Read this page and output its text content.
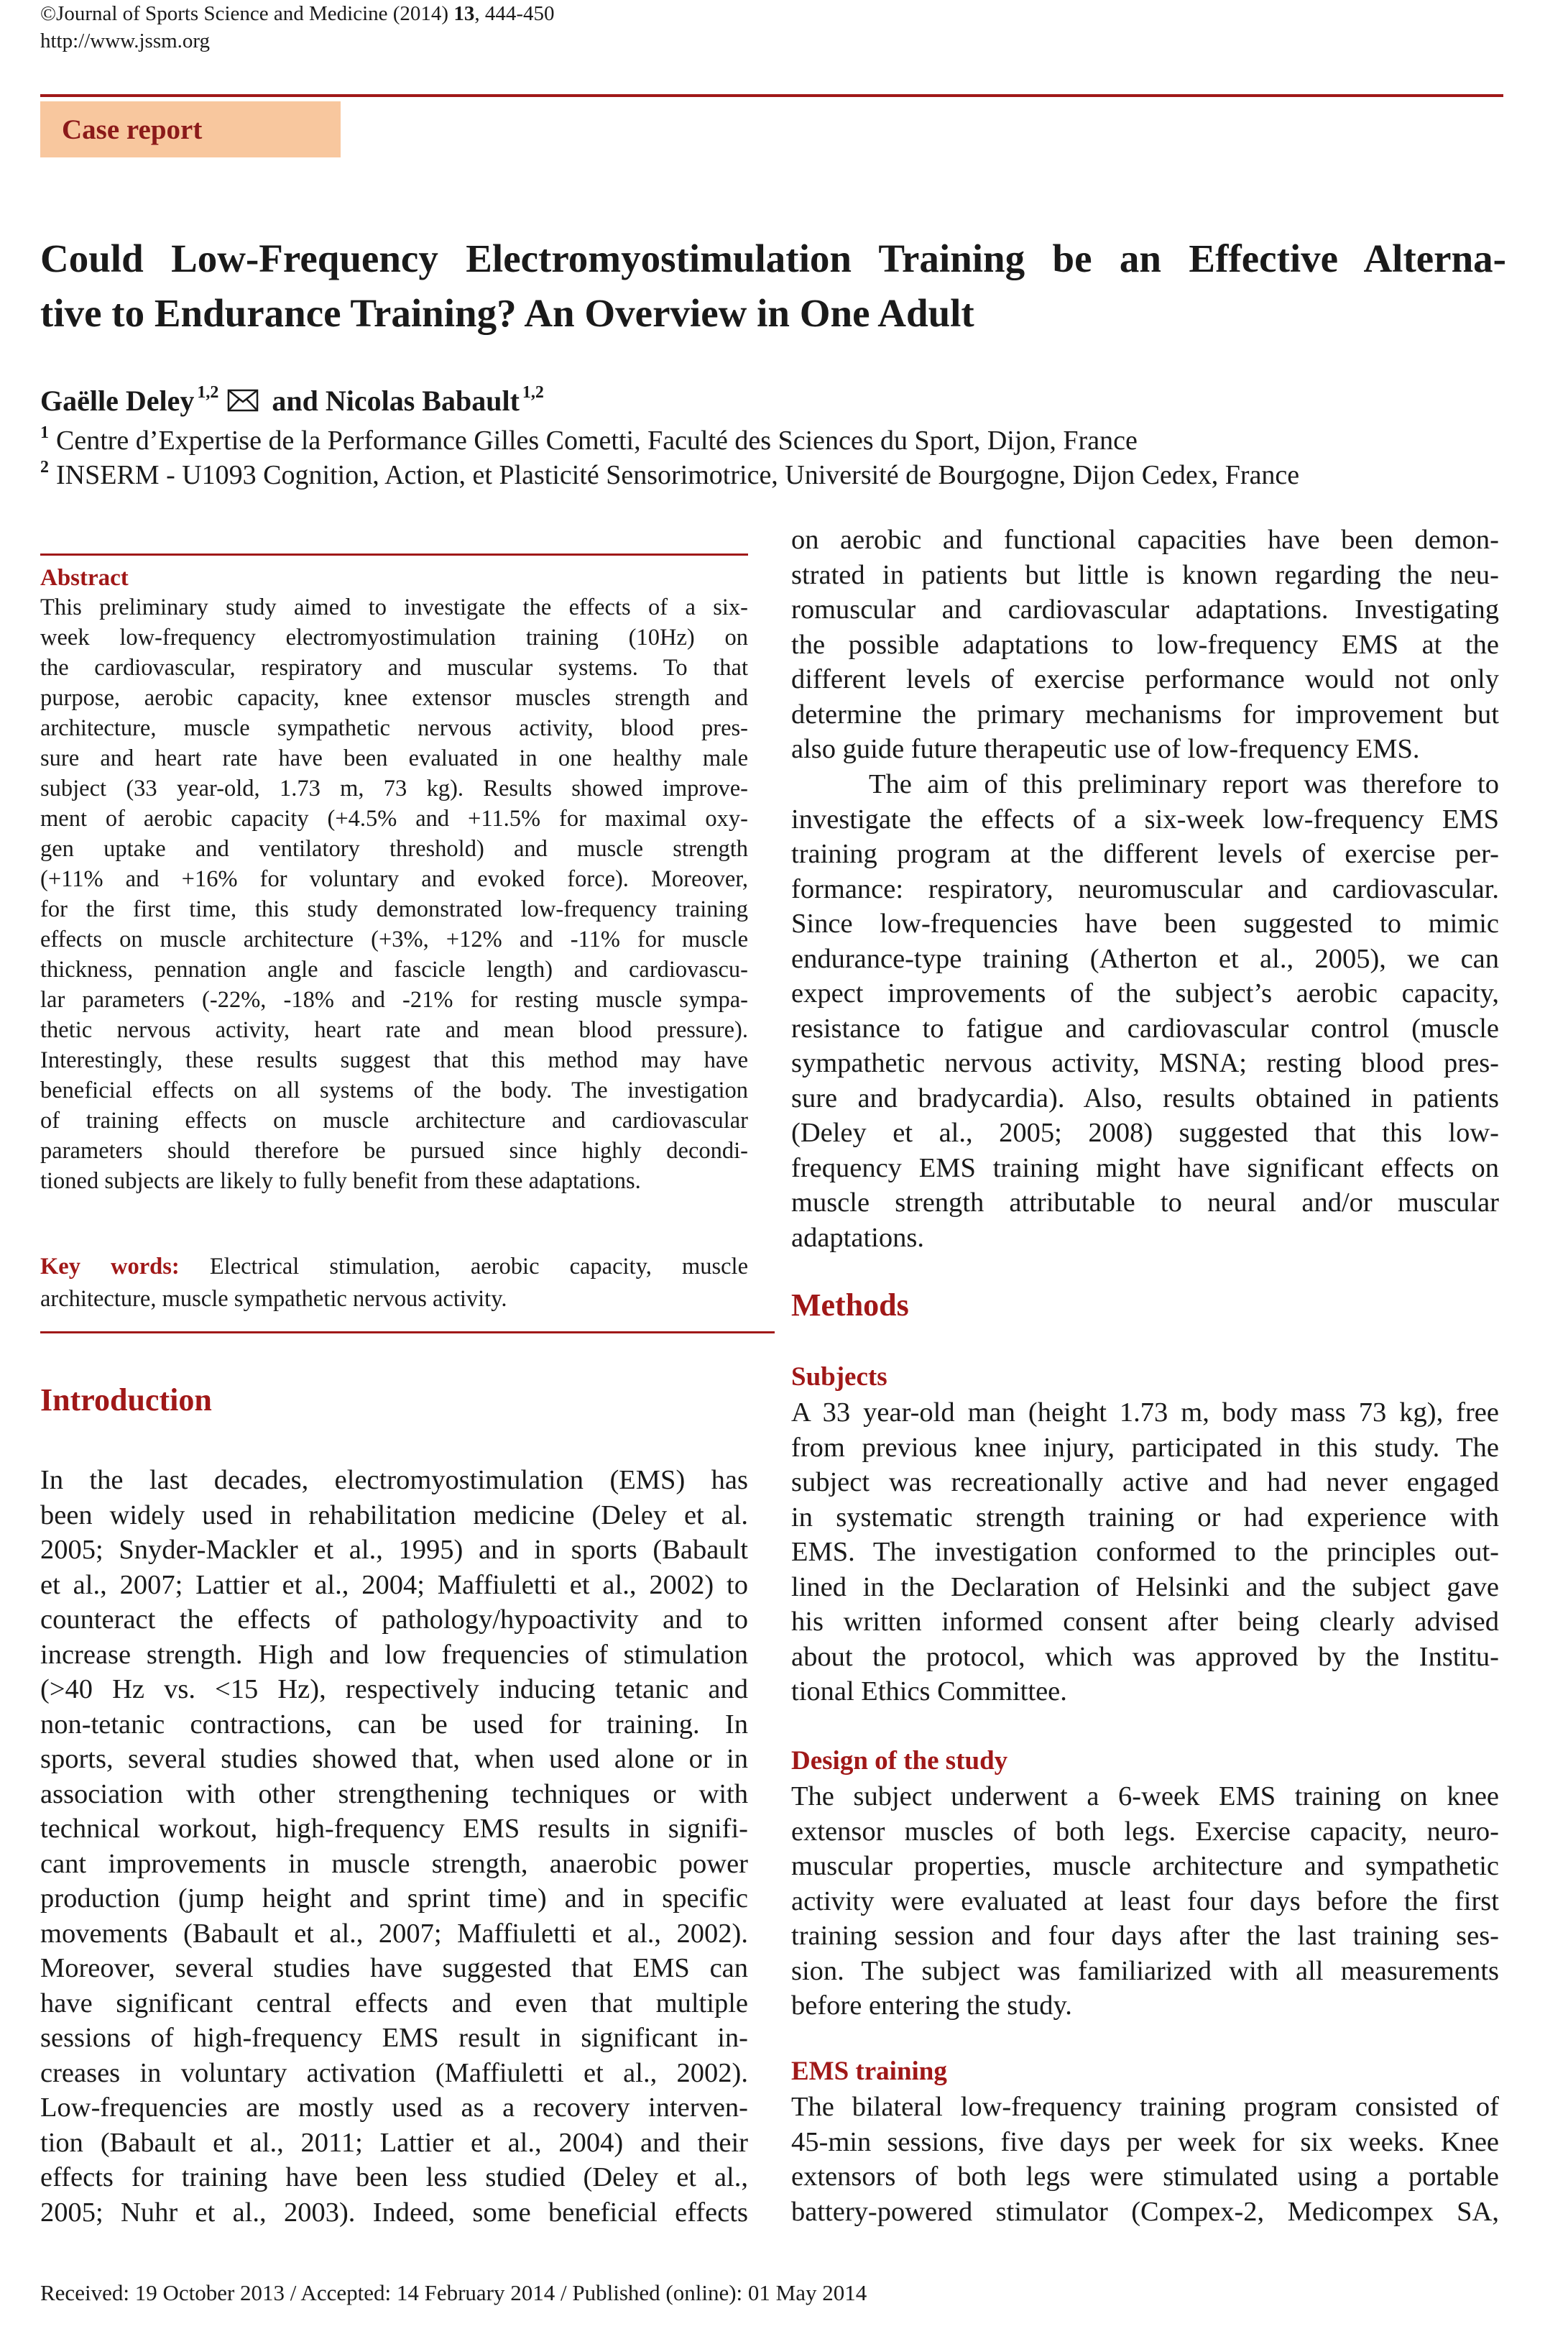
©Journal of Sports Science and Medicine (2014) 13, 444-450
http://www.jssm.org
Case report
Could Low-Frequency Electromyostimulation Training be an Effective Alterna-
tive to Endurance Training? An Overview in One Adult
Gaëlle Deley $^{1,2}$ and Nicolas Babault $^{1,2}$
$^1$ Centre d’Expertise de la Performance Gilles Cometti, Faculté des Sciences du Sport, Dijon, France
$^2$ INSERM - U1093 Cognition, Action, et Plasticité Sensorimotrice, Université de Bourgogne, Dijon Cedex, France
Abstract

This preliminary study aimed to investigate the effects of a six-

week low-frequency electromyostimulation training (10Hz) on

the cardiovascular, respiratory and muscular systems. To that

purpose, aerobic capacity, knee extensor muscles strength and

architecture, muscle sympathetic nervous activity, blood pres-

sure and heart rate have been evaluated in one healthy male

subject (33 year-old, 1.73 m, 73 kg). Results showed improve-

ment of aerobic capacity (+4.5% and +11.5% for maximal oxy-

gen uptake and ventilatory threshold) and muscle strength

(+11% and +16% for voluntary and evoked force). Moreover,

for the first time, this study demonstrated low-frequency training

effects on muscle architecture (+3%, +12% and -11% for muscle

thickness, pennation angle and fascicle length) and cardiovascu-

lar parameters (-22%, -18% and -21% for resting muscle sympa-

thetic nervous activity, heart rate and mean blood pressure).

Interestingly, these results suggest that this method may have

beneficial effects on all systems of the body. The investigation

of training effects on muscle architecture and cardiovascular

parameters should therefore be pursued since highly decondi-

tioned subjects are likely to fully benefit from these adaptations.

Key words: Electrical stimulation, aerobic capacity, muscle

architecture, muscle sympathetic nervous activity.

Introduction

In the last decades, electromyostimulation (EMS) has

been widely used in rehabilitation medicine (Deley et al.

2005; Snyder-Mackler et al., 1995) and in sports (Babault

et al., 2007; Lattier et al., 2004; Maffiuletti et al., 2002) to

counteract the effects of pathology/hypoactivity and to

increase strength. High and low frequencies of stimulation

(>40 Hz vs. <15 Hz), respectively inducing tetanic and

non-tetanic contractions, can be used for training. In

sports, several studies showed that, when used alone or in

association with other strengthening techniques or with

technical workout, high-frequency EMS results in signifi-

cant improvements in muscle strength, anaerobic power

production (jump height and sprint time) and in specific

movements (Babault et al., 2007; Maffiuletti et al., 2002).

Moreover, several studies have suggested that EMS can

have significant central effects and even that multiple

sessions of high-frequency EMS result in significant in-

creases in voluntary activation (Maffiuletti et al., 2002).

Low-frequencies are mostly used as a recovery interven-

tion (Babault et al., 2011; Lattier et al., 2004) and their

effects for training have been less studied (Deley et al.,

2005; Nuhr et al., 2003). Indeed, some beneficial effects

on aerobic and functional capacities have been demon-

strated in patients but little is known regarding the neu-

romuscular and cardiovascular adaptations. Investigating

the possible adaptations to low-frequency EMS at the

different levels of exercise performance would not only

determine the primary mechanisms for improvement but

also guide future therapeutic use of low-frequency EMS.

The aim of this preliminary report was therefore to

investigate the effects of a six-week low-frequency EMS

training program at the different levels of exercise per-

formance: respiratory, neuromuscular and cardiovascular.

Since low-frequencies have been suggested to mimic

endurance-type training (Atherton et al., 2005), we can

expect improvements of the subject’s aerobic capacity,

resistance to fatigue and cardiovascular control (muscle

sympathetic nervous activity, MSNA; resting blood pres-

sure and bradycardia). Also, results obtained in patients

(Deley et al., 2005; 2008) suggested that this low-

frequency EMS training might have significant effects on

muscle strength attributable to neural and/or muscular

adaptations.

Methods
Subjects

A 33 year-old man (height 1.73 m, body mass 73 kg), free

from previous knee injury, participated in this study. The

subject was recreationally active and had never engaged

in systematic strength training or had experience with

EMS. The investigation conformed to the principles out-

lined in the Declaration of Helsinki and the subject gave

his written informed consent after being clearly advised

about the protocol, which was approved by the Institu-

tional Ethics Committee.

Design of the study

The subject underwent a 6-week EMS training on knee

extensor muscles of both legs. Exercise capacity, neuro-

muscular properties, muscle architecture and sympathetic

activity were evaluated at least four days before the first

training session and four days after the last training ses-

sion. The subject was familiarized with all measurements

before entering the study.

EMS training

The bilateral low-frequency training program consisted of

45-min sessions, five days per week for six weeks. Knee

extensors of both legs were stimulated using a portable

battery-powered stimulator (Compex-2, Medicompex SA,

Received: 19 October 2013 / Accepted: 14 February 2014 / Published (online): 01 May 2014
